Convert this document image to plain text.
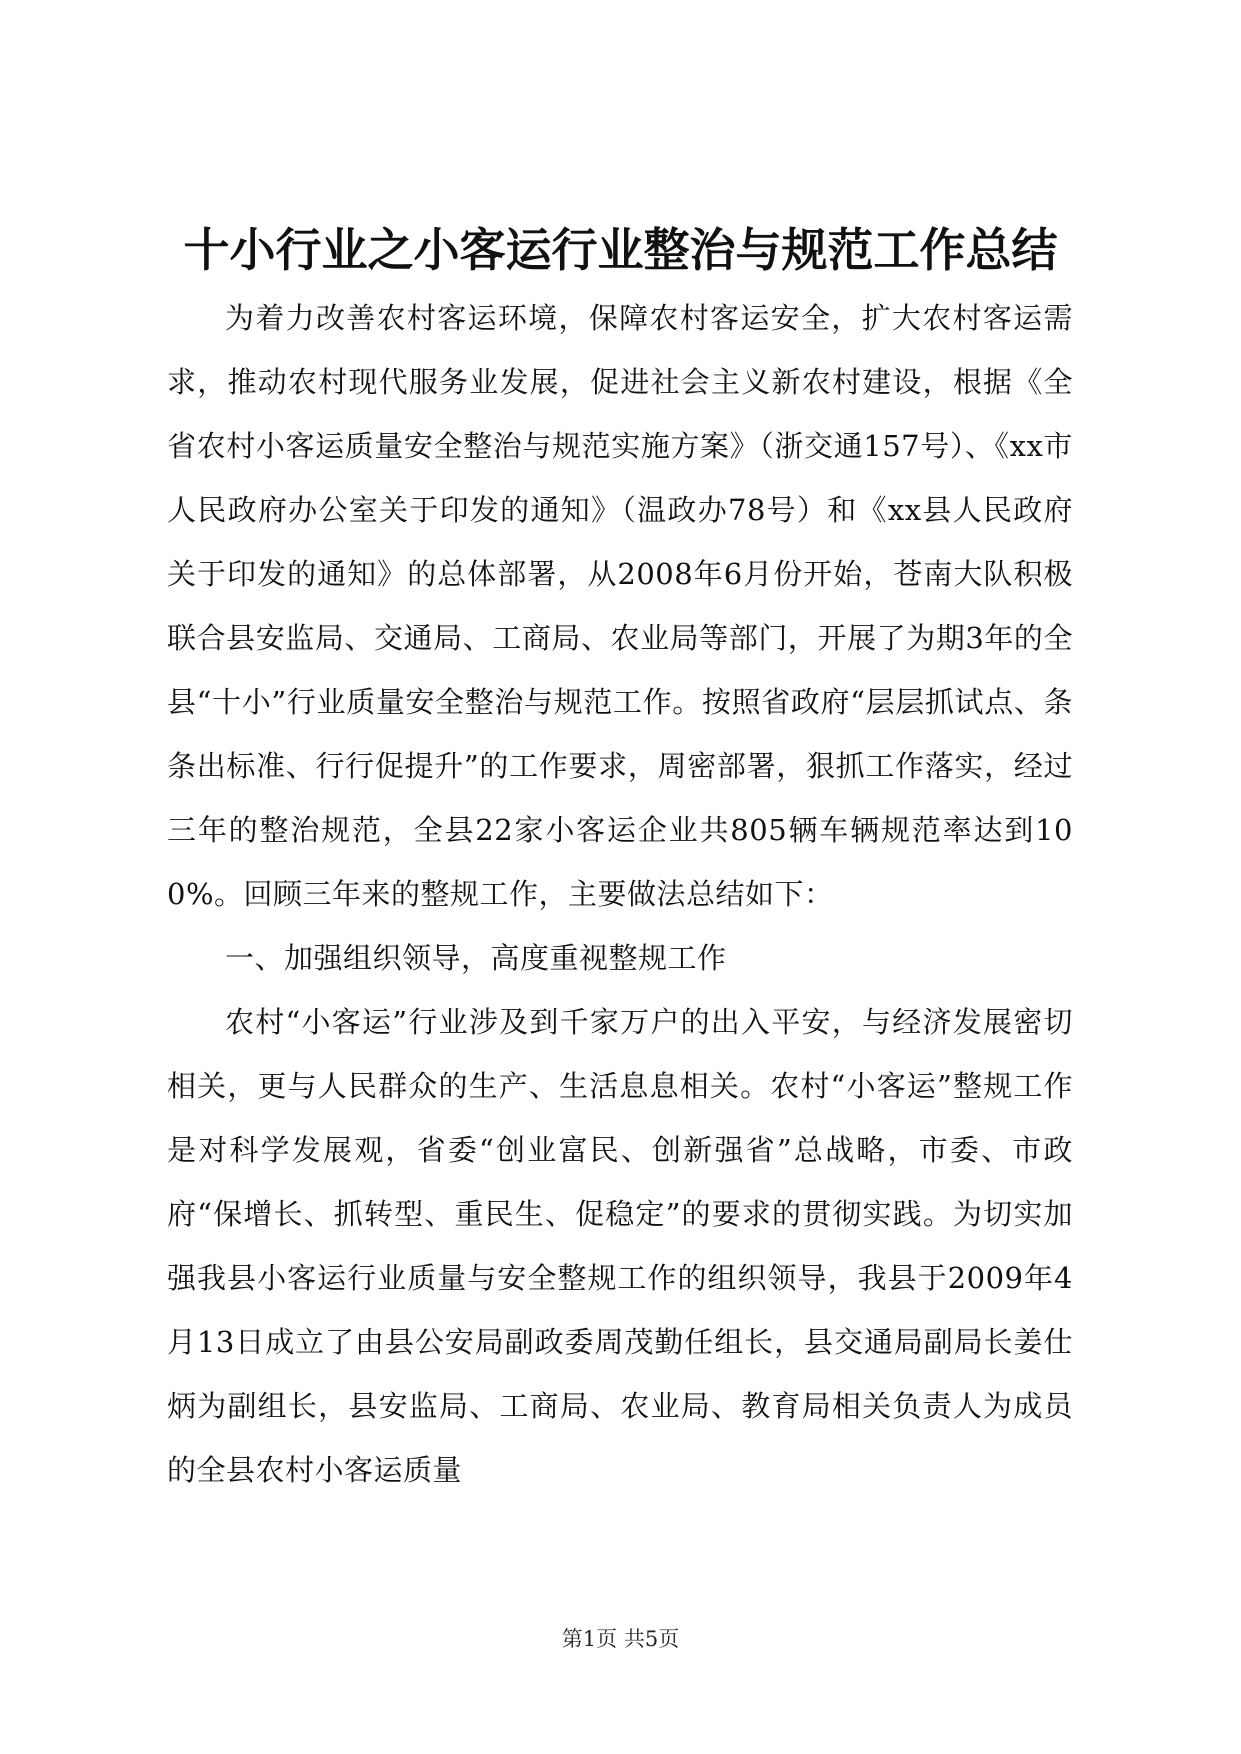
十小行业之小客运行业整治与规范工作总结

为着力改善农村客运环境，保障农村客运安全，扩大农村客运需求，推动农村现代服务业发展，促进社会主义新农村建设，根据《全省农村小客运质量安全整治与规范实施方案》（浙交通157号）、《xx市人民政府办公室关于印发的通知》（温政办78号）和《xx县人民政府关于印发的通知》的总体部署，从2008年6月份开始，苍南大队积极联合县安监局、交通局、工商局、农业局等部门，开展了为期3年的全县“十小”行业质量安全整治与规范工作。按照省政府“层层抓试点、条条出标准、行行促提升”的工作要求，周密部署，狠抓工作落实，经过三年的整治规范，全县22家小客运企业共805辆车辆规范率达到100%。回顾三年来的整规工作，主要做法总结如下：

一、加强组织领导，高度重视整规工作

农村“小客运”行业涉及到千家万户的出入平安，与经济发展密切相关，更与人民群众的生产、生活息息相关。农村“小客运”整规工作是对科学发展观，省委“创业富民、创新强省”总战略，市委、市政府“保增长、抓转型、重民生、促稳定”的要求的贯彻实践。为切实加强我县小客运行业质量与安全整规工作的组织领导，我县于2009年4月13日成立了由县公安局副政委周茂勤任组长，县交通局副局长姜仕炳为副组长，县安监局、工商局、农业局、教育局相关负责人为成员的全县农村小客运质量

第1页 共5页
